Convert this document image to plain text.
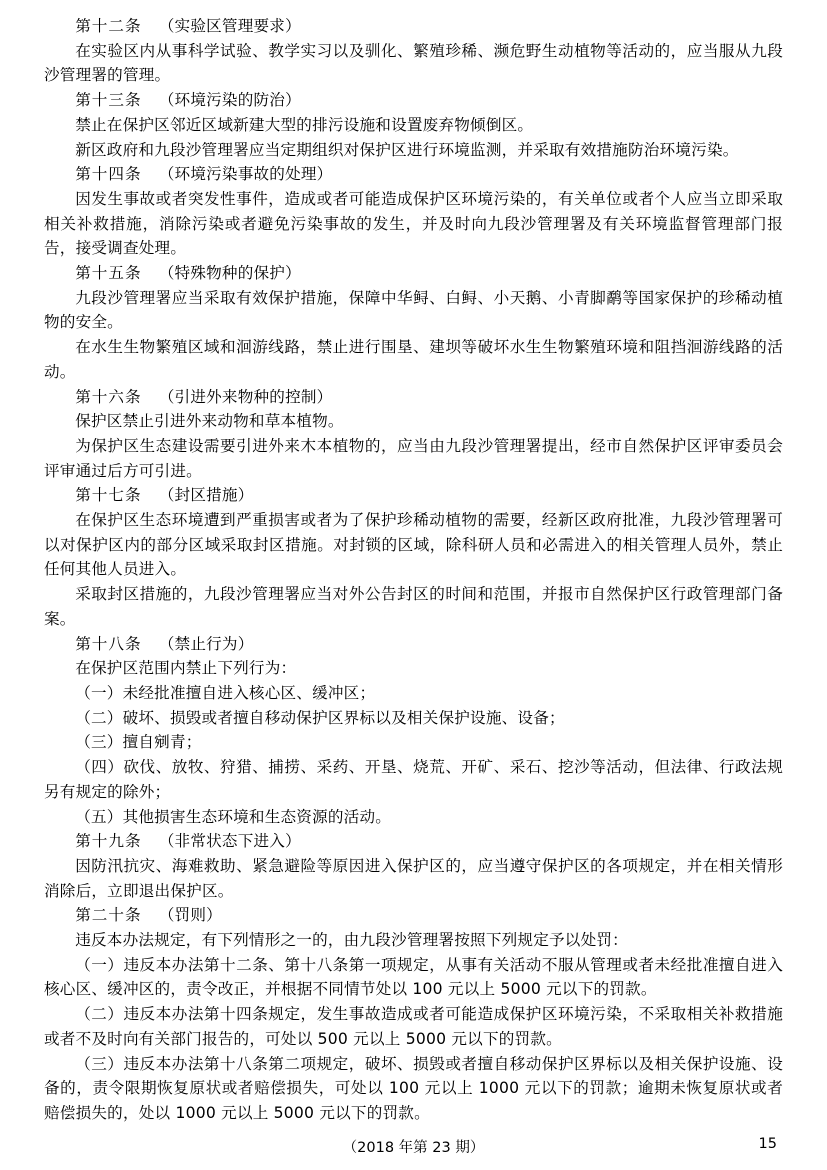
第十二条 （实验区管理要求）

在实验区内从事科学试验、教学实习以及驯化、繁殖珍稀、濒危野生动植物等活动的，应当服从九段沙管理署的管理。

第十三条 （环境污染的防治）

禁止在保护区邻近区域新建大型的排污设施和设置废弃物倾倒区。

新区政府和九段沙管理署应当定期组织对保护区进行环境监测，并采取有效措施防治环境污染。

第十四条 （环境污染事故的处理）

因发生事故或者突发性事件，造成或者可能造成保护区环境污染的，有关单位或者个人应当立即采取相关补救措施，消除污染或者避免污染事故的发生，并及时向九段沙管理署及有关环境监督管理部门报告，接受调查处理。

第十五条 （特殊物种的保护）

九段沙管理署应当采取有效保护措施，保障中华鲟、白鲟、小天鹅、小青脚鹬等国家保护的珍稀动植物的安全。

在水生生物繁殖区域和洄游线路，禁止进行围垦、建坝等破坏水生生物繁殖环境和阻挡洄游线路的活动。

第十六条 （引进外来物种的控制）

保护区禁止引进外来动物和草本植物。

为保护区生态建设需要引进外来木本植物的，应当由九段沙管理署提出，经市自然保护区评审委员会评审通过后方可引进。

第十七条 （封区措施）

在保护区生态环境遭到严重损害或者为了保护珍稀动植物的需要，经新区政府批准，九段沙管理署可以对保护区内的部分区域采取封区措施。对封锁的区域，除科研人员和必需进入的相关管理人员外，禁止任何其他人员进入。

采取封区措施的，九段沙管理署应当对外公告封区的时间和范围，并报市自然保护区行政管理部门备案。

第十八条 （禁止行为）

在保护区范围内禁止下列行为：

（一）未经批准擅自进入核心区、缓冲区；

（二）破坏、损毁或者擅自移动保护区界标以及相关保护设施、设备；

（三）擅自剜青；

（四）砍伐、放牧、狩猎、捕捞、采药、开垦、烧荒、开矿、采石、挖沙等活动，但法律、行政法规另有规定的除外；

（五）其他损害生态环境和生态资源的活动。

第十九条 （非常状态下进入）

因防汛抗灾、海难救助、紧急避险等原因进入保护区的，应当遵守保护区的各项规定，并在相关情形消除后，立即退出保护区。

第二十条 （罚则）

违反本办法规定，有下列情形之一的，由九段沙管理署按照下列规定予以处罚：

（一）违反本办法第十二条、第十八条第一项规定，从事有关活动不服从管理或者未经批准擅自进入核心区、缓冲区的，责令改正，并根据不同情节处以 100 元以上 5000 元以下的罚款。

（二）违反本办法第十四条规定，发生事故造成或者可能造成保护区环境污染，不采取相关补救措施或者不及时向有关部门报告的，可处以 500 元以上 5000 元以下的罚款。

（三）违反本办法第十八条第二项规定，破坏、损毁或者擅自移动保护区界标以及相关保护设施、设备的，责令限期恢复原状或者赔偿损失，可处以 100 元以上 1000 元以下的罚款；逾期未恢复原状或者赔偿损失的，处以 1000 元以上 5000 元以下的罚款。

（2018 年第 23 期）	15
